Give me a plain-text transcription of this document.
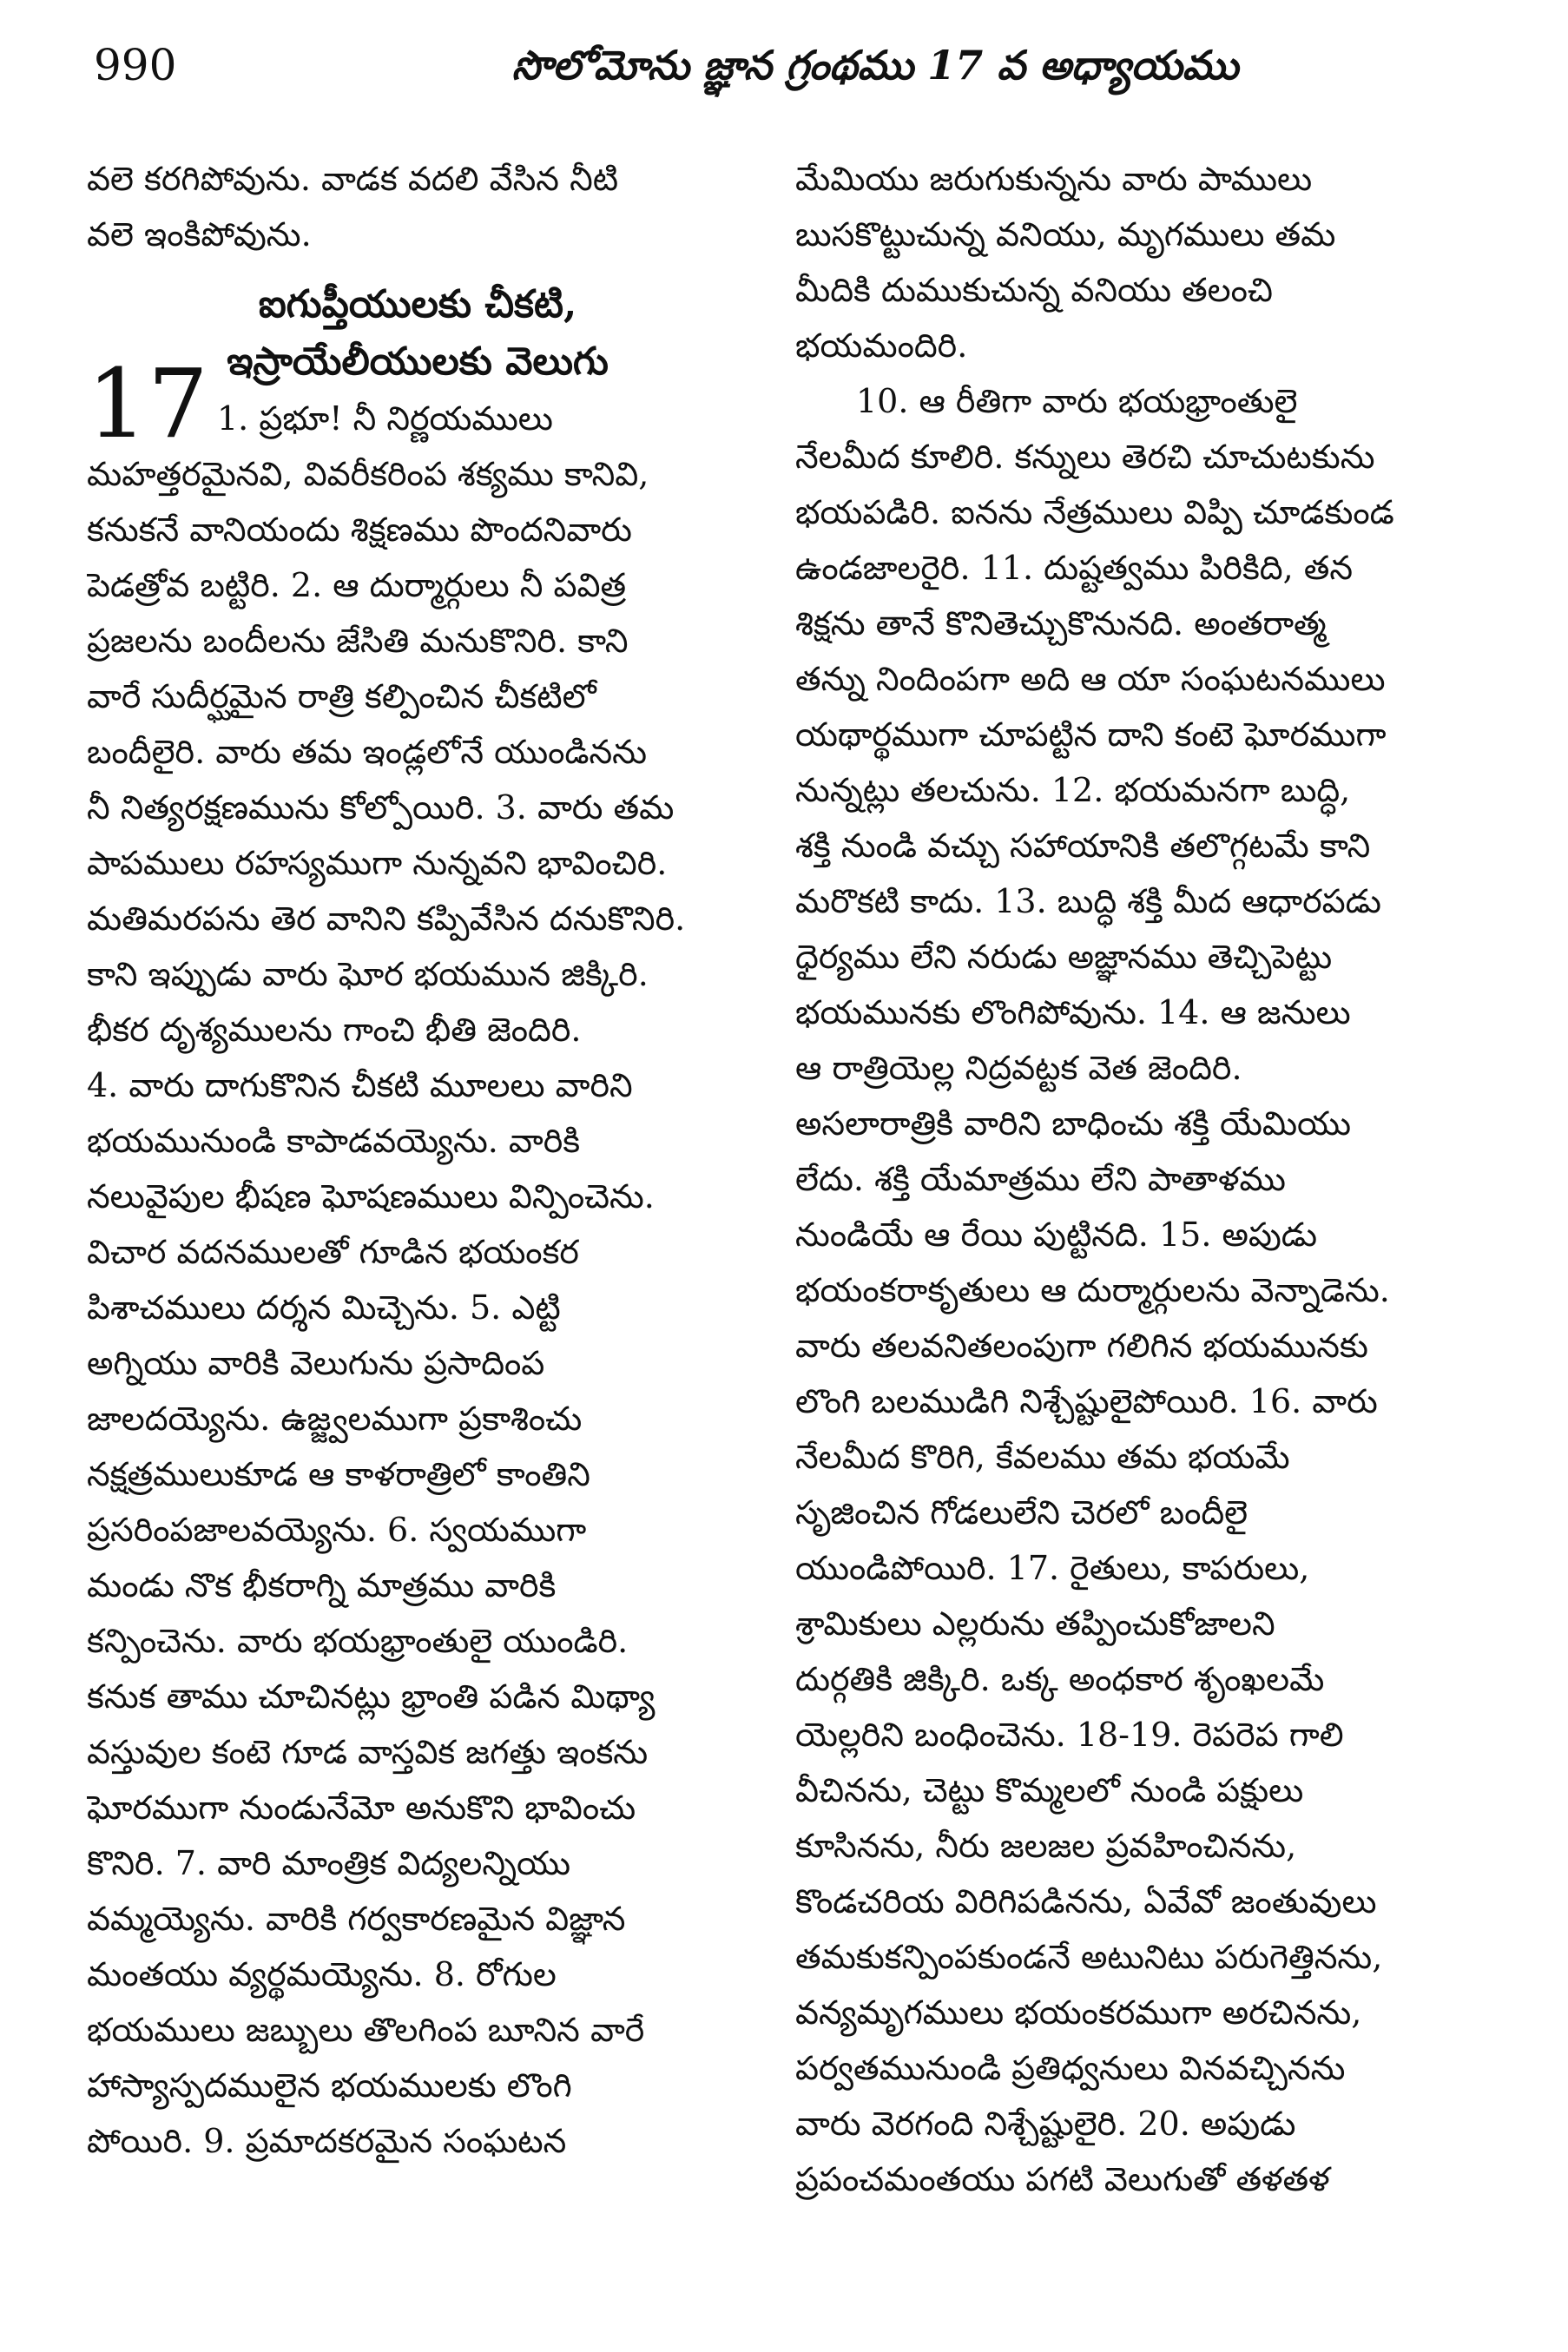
990	సొలోమోను జ్ఞాన గ్రంథము 17 వ అధ్యాయము
వలె కరగిపోవును. వాడక వదలి వేసిన నీటి
వలె ఇంకిపోవును.
ఐగుప్తీయులకు చీకటి,
ఇస్రాయేలీయులకు వెలుగు
17 1. ప్రభూ! నీ నిర్ణయములు
మహత్తరమైనవి, వివరీకరింప శక్యము కానివి,
కనుకనే వానియందు శిక్షణము పొందనివారు
పెడత్రోవ బట్టిరి. 2. ఆ దుర్మార్గులు నీ పవిత్ర
ప్రజలను బందీలను జేసితి మనుకొనిరి. కాని
వారే సుదీర్ఘమైన రాత్రి కల్పించిన చీకటిలో
బందీలైరి. వారు తమ ఇండ్లలోనే యుండినను
నీ నిత్యరక్షణమును కోల్పోయిరి. 3. వారు తమ
పాపములు రహస్యముగా నున్నవని భావించిరి.
మతిమరపను తెర వానిని కప్పివేసిన దనుకొనిరి.
కాని ఇప్పుడు వారు ఘోర భయమున జిక్కిరి.
భీకర దృశ్యములను గాంచి భీతి జెందిరి.
4. వారు దాగుకొనిన చీకటి మూలలు వారిని
భయమునుండి కాపాడవయ్యెను. వారికి
నలువైపుల భీషణ ఘోషణములు విన్పించెను.
విచార వదనములతో గూడిన భయంకర
పిశాచములు దర్శన మిచ్చెను. 5. ఎట్టి
అగ్నియు వారికి వెలుగును ప్రసాదింప
జాలదయ్యెను. ఉజ్జ్వలముగా ప్రకాశించు
నక్షత్రములుకూడ ఆ కాళరాత్రిలో కాంతిని
ప్రసరింపజాలవయ్యెను. 6. స్వయముగా
మండు నొక భీకరాగ్ని మాత్రము వారికి
కన్పించెను. వారు భయభ్రాంతులై యుండిరి.
కనుక తాము చూచినట్లు భ్రాంతి పడిన మిథ్యా
వస్తువుల కంటె గూడ వాస్తవిక జగత్తు ఇంకను
ఘోరముగా నుండునేమో అనుకొని భావించు
కొనిరి. 7. వారి మాంత్రిక విద్యలన్నియు
వమ్మయ్యెను. వారికి గర్వకారణమైన విజ్ఞాన
మంతయు వ్యర్థమయ్యెను. 8. రోగుల
భయములు జబ్బులు తొలగింప బూనిన వారే
హాస్యాస్పదములైన భయములకు లొంగి
పోయిరి. 9. ప్రమాదకరమైన సంఘటన
మేమియు జరుగుకున్నను వారు పాములు
బుసకొట్టుచున్న వనియు, మృగములు తమ
మీదికి దుముకుచున్న వనియు తలంచి
భయమందిరి.
10. ఆ రీతిగా వారు భయభ్రాంతులై
నేలమీద కూలిరి. కన్నులు తెరచి చూచుటకును
భయపడిరి. ఐనను నేత్రములు విప్పి చూడకుండ
ఉండజాలరైరి. 11. దుష్టత్వము పిరికిది, తన
శిక్షను తానే కొనితెచ్చుకొనునది. అంతరాత్మ
తన్ను నిందింపగా అది ఆ యా సంఘటనములు
యథార్థముగా చూపట్టిన దాని కంటె ఘోరముగా
నున్నట్లు తలచును. 12. భయమనగా బుద్ధి,
శక్తి నుండి వచ్చు సహాయానికి తలొగ్గటమే కాని
మరొకటి కాదు. 13. బుద్ధి శక్తి మీద ఆధారపడు
ధైర్యము లేని నరుడు అజ్ఞానము తెచ్చిపెట్టు
భయమునకు లొంగిపోవును. 14. ఆ జనులు
ఆ రాత్రియెల్ల నిద్రవట్టక వెత జెందిరి.
అసలారాత్రికి వారిని బాధించు శక్తి యేమియు
లేదు. శక్తి యేమాత్రము లేని పాతాళము
నుండియే ఆ రేయి పుట్టినది. 15. అపుడు
భయంకరాకృతులు ఆ దుర్మార్గులను వెన్నాడెను.
వారు తలవనితలంపుగా గలిగిన భయమునకు
లొంగి బలముడిగి నిశ్చేష్టులైపోయిరి. 16. వారు
నేలమీద కొరిగి, కేవలము తమ భయమే
సృజించిన గోడలులేని చెరలో బందీలై
యుండిపోయిరి. 17. రైతులు, కాపరులు,
శ్రామికులు ఎల్లరును తప్పించుకోజాలని
దుర్గతికి జిక్కిరి. ఒక్క అంధకార శృంఖలమే
యెల్లరిని బంధించెను. 18-19. రెపరెప గాలి
వీచినను, చెట్టు కొమ్మలలో నుండి పక్షులు
కూసినను, నీరు జలజల ప్రవహించినను,
కొండచరియ విరిగిపడినను, ఏవేవో జంతువులు
తమకుకన్పింపకుండనే అటునిటు పరుగెత్తినను,
వన్యమృగములు భయంకరముగా అరచినను,
పర్వతమునుండి ప్రతిధ్వనులు వినవచ్చినను
వారు వెరగంది నిశ్చేష్టులైరి. 20. అపుడు
ప్రపంచమంతయు పగటి వెలుగుతో తళతళ
